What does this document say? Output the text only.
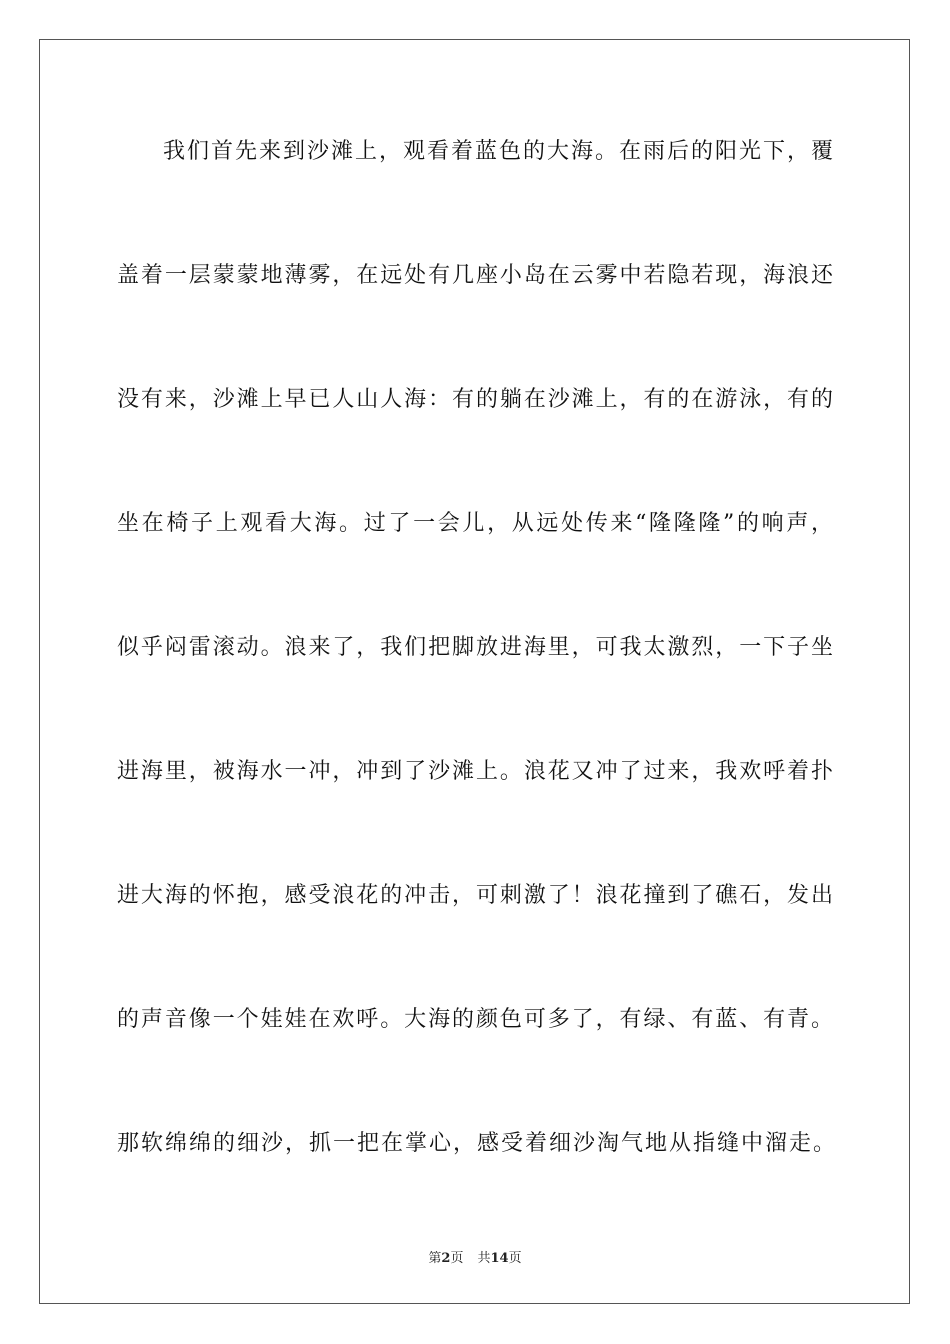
我们首先来到沙滩上，观看着蓝色的大海。在雨后的阳光下，覆
盖着一层蒙蒙地薄雾，在远处有几座小岛在云雾中若隐若现，海浪还
没有来，沙滩上早已人山人海：有的躺在沙滩上，有的在游泳，有的
坐在椅子上观看大海。过了一会儿，从远处传来“隆隆隆”的响声，
似乎闷雷滚动。浪来了，我们把脚放进海里，可我太激烈，一下子坐
进海里，被海水一冲，冲到了沙滩上。浪花又冲了过来，我欢呼着扑
进大海的怀抱，感受浪花的冲击，可刺激了！浪花撞到了礁石，发出
的声音像一个娃娃在欢呼。大海的颜色可多了，有绿、有蓝、有青。
那软绵绵的细沙，抓一把在掌心，感受着细沙淘气地从指缝中溜走。
第2页 共14页
